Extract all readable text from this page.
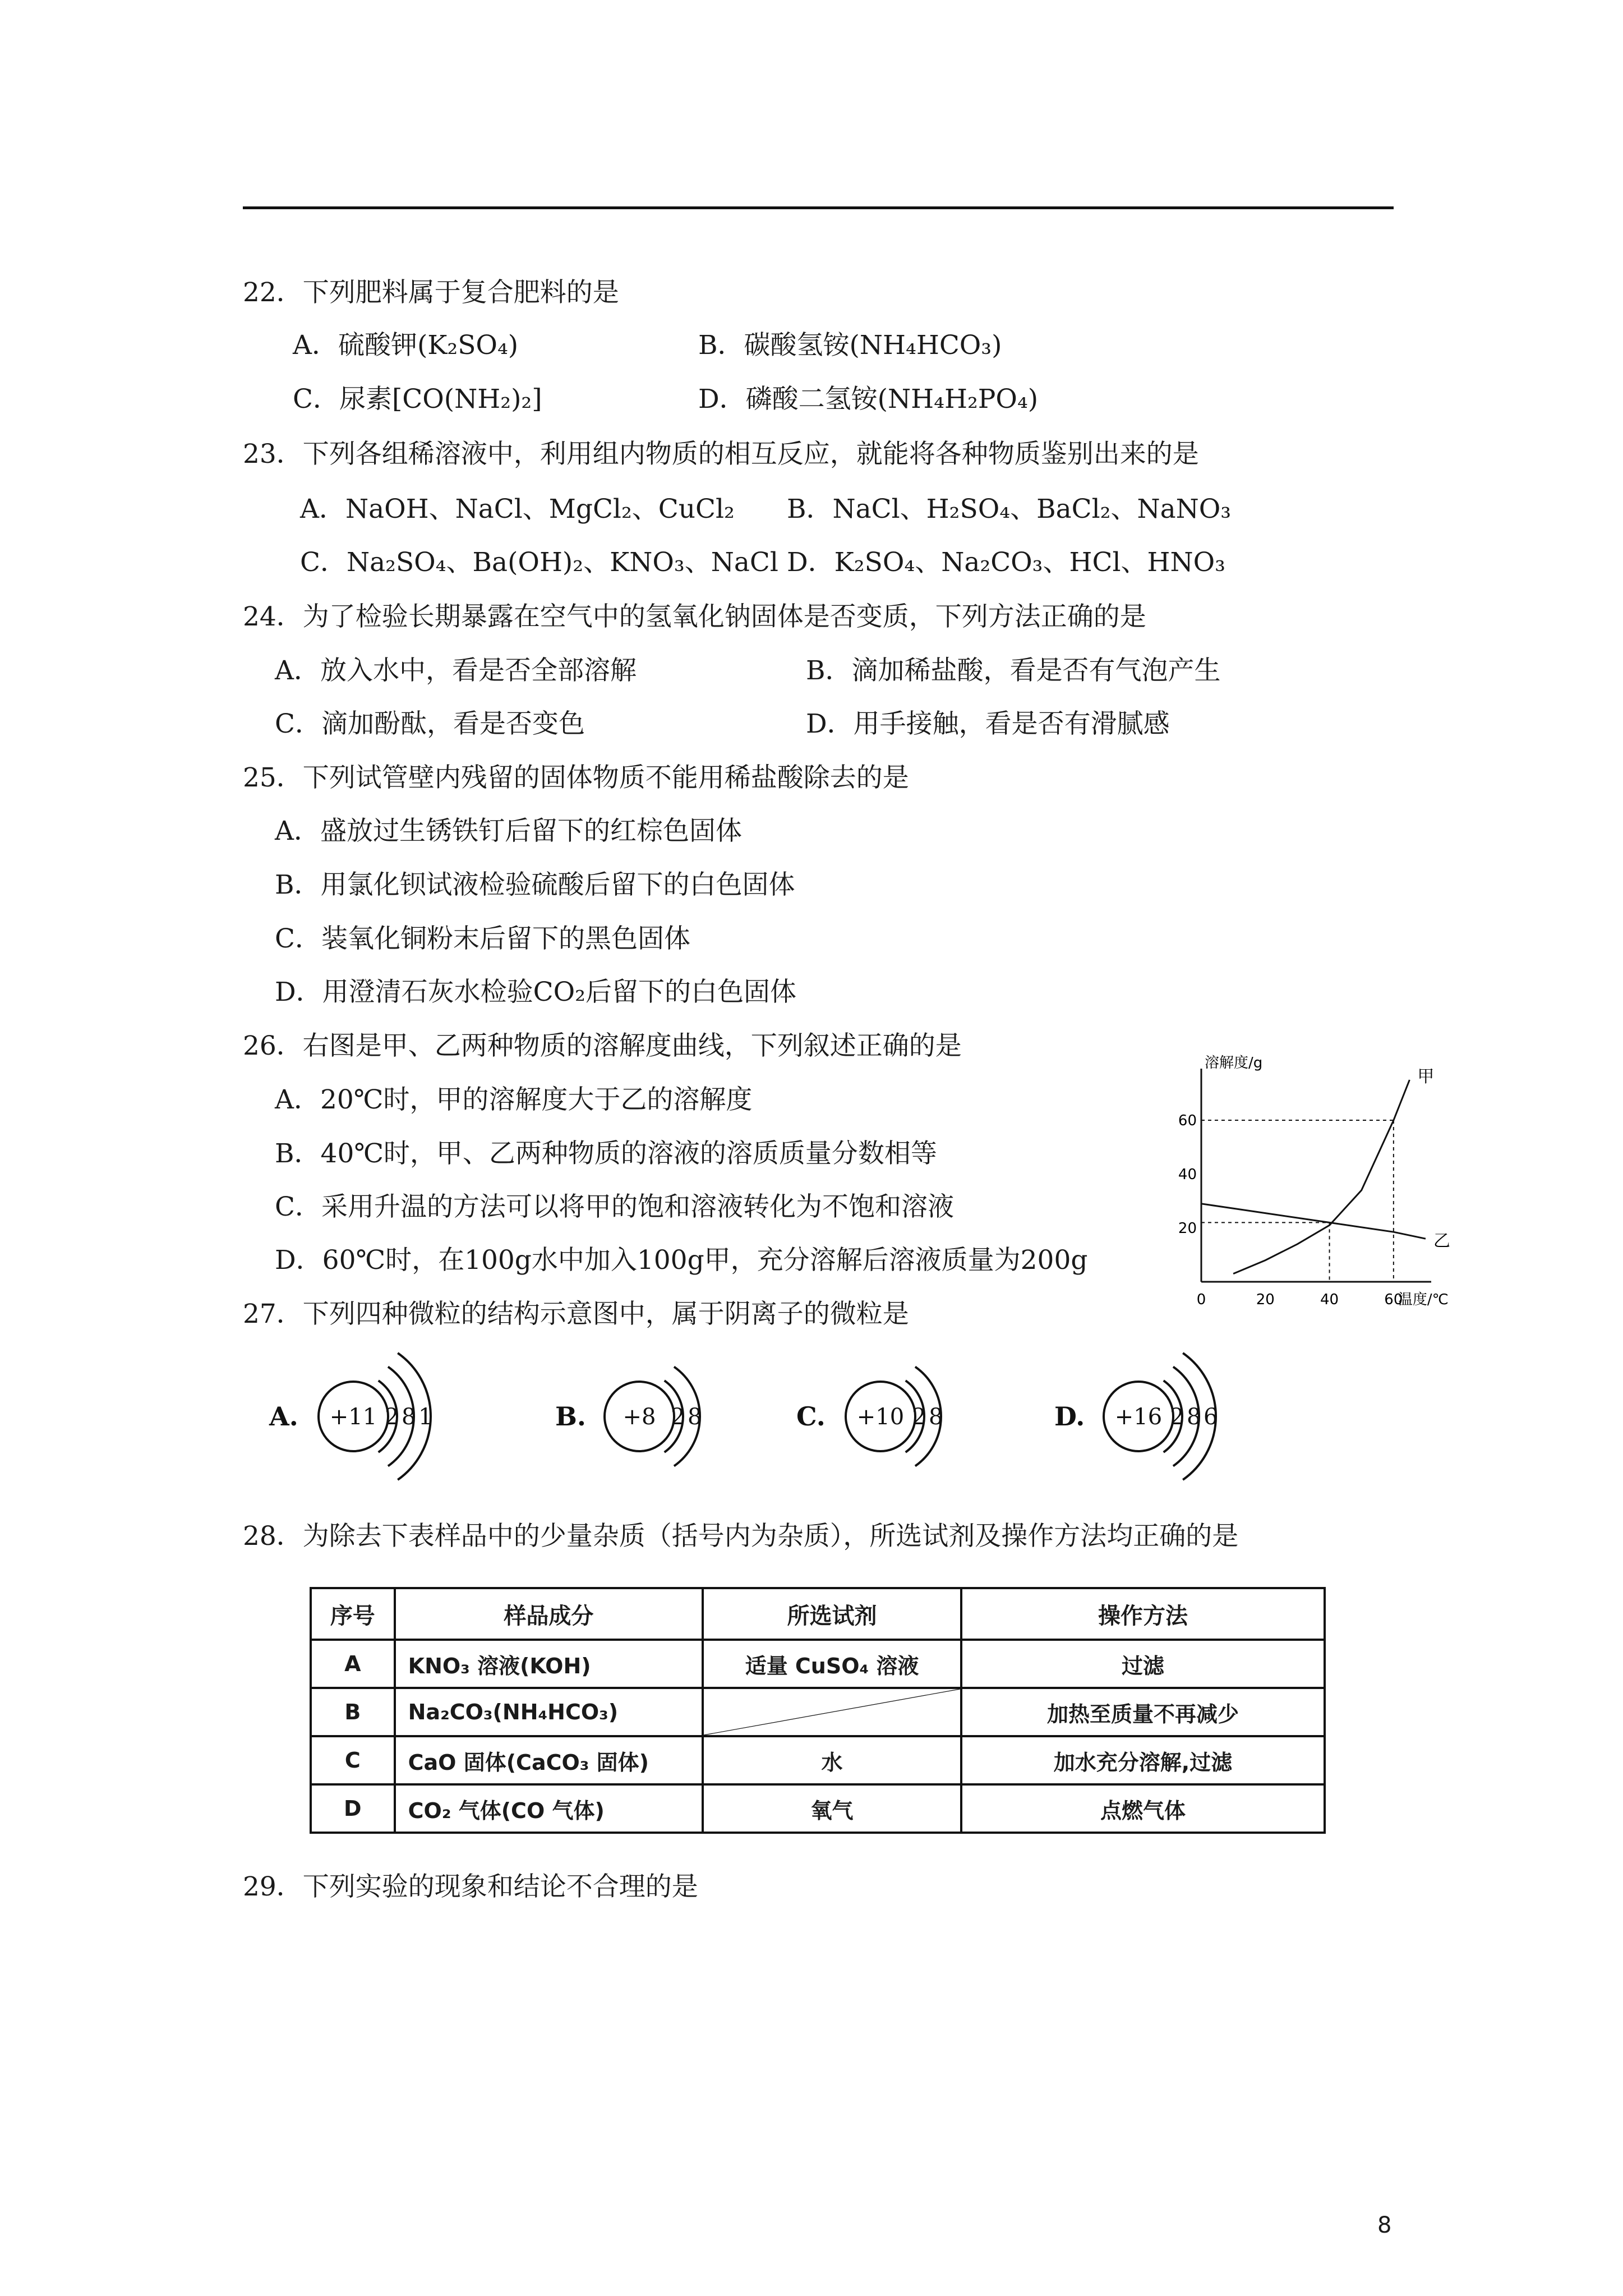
22．下列肥料属于复合肥料的是
A．硫酸钾(K₂SO₄)	B．碳酸氢铵(NH₄HCO₃)
C．尿素[CO(NH₂)₂]	D．磷酸二氢铵(NH₄H₂PO₄)
23．下列各组稀溶液中，利用组内物质的相互反应，就能将各种物质鉴别出来的是
A．NaOH、NaCl、MgCl₂、CuCl₂ B．NaCl、H₂SO₄、BaCl₂、NaNO₃
C．Na₂SO₄、Ba(OH)₂、KNO₃、NaCl D．K₂SO₄、Na₂CO₃、HCl、HNO₃
24．为了检验长期暴露在空气中的氢氧化钠固体是否变质，下列方法正确的是
A．放入水中，看是否全部溶解	B．滴加稀盐酸，看是否有气泡产生
C．滴加酚酞，看是否变色	D．用手接触，看是否有滑腻感
25．下列试管壁内残留的固体物质不能用稀盐酸除去的是
A．盛放过生锈铁钉后留下的红棕色固体
B．用氯化钡试液检验硫酸后留下的白色固体
C．装氧化铜粉末后留下的黑色固体
D．用澄清石灰水检验CO₂后留下的白色固体
26．右图是甲、乙两种物质的溶解度曲线，下列叙述正确的是
A．20℃时，甲的溶解度大于乙的溶解度
B．40℃时，甲、乙两种物质的溶液的溶质质量分数相等
C．采用升温的方法可以将甲的饱和溶液转化为不饱和溶液
D．60℃时，在100g水中加入100g甲，充分溶解后溶液质量为200g
0	20	40	60
20
40
60
溶解度/g
温度/℃
甲
乙
27．下列四种微粒的结构示意图中，属于阴离子的微粒是
A. +11 2 8 1	B. +8 2 8	C. +10 2 8	D. +16 2 8 6
28．为除去下表样品中的少量杂质（括号内为杂质），所选试剂及操作方法均正确的是
序号	样品成分	所选试剂	操作方法
A	KNO₃ 溶液(KOH)	适量 CuSO₄ 溶液	过滤
B	Na₂CO₃(NH₄HCO₃)		加热至质量不再减少
C	CaO 固体(CaCO₃ 固体)	水	加水充分溶解,过滤
D	CO₂ 气体(CO 气体)	氧气	点燃气体
29．下列实验的现象和结论不合理的是
8
